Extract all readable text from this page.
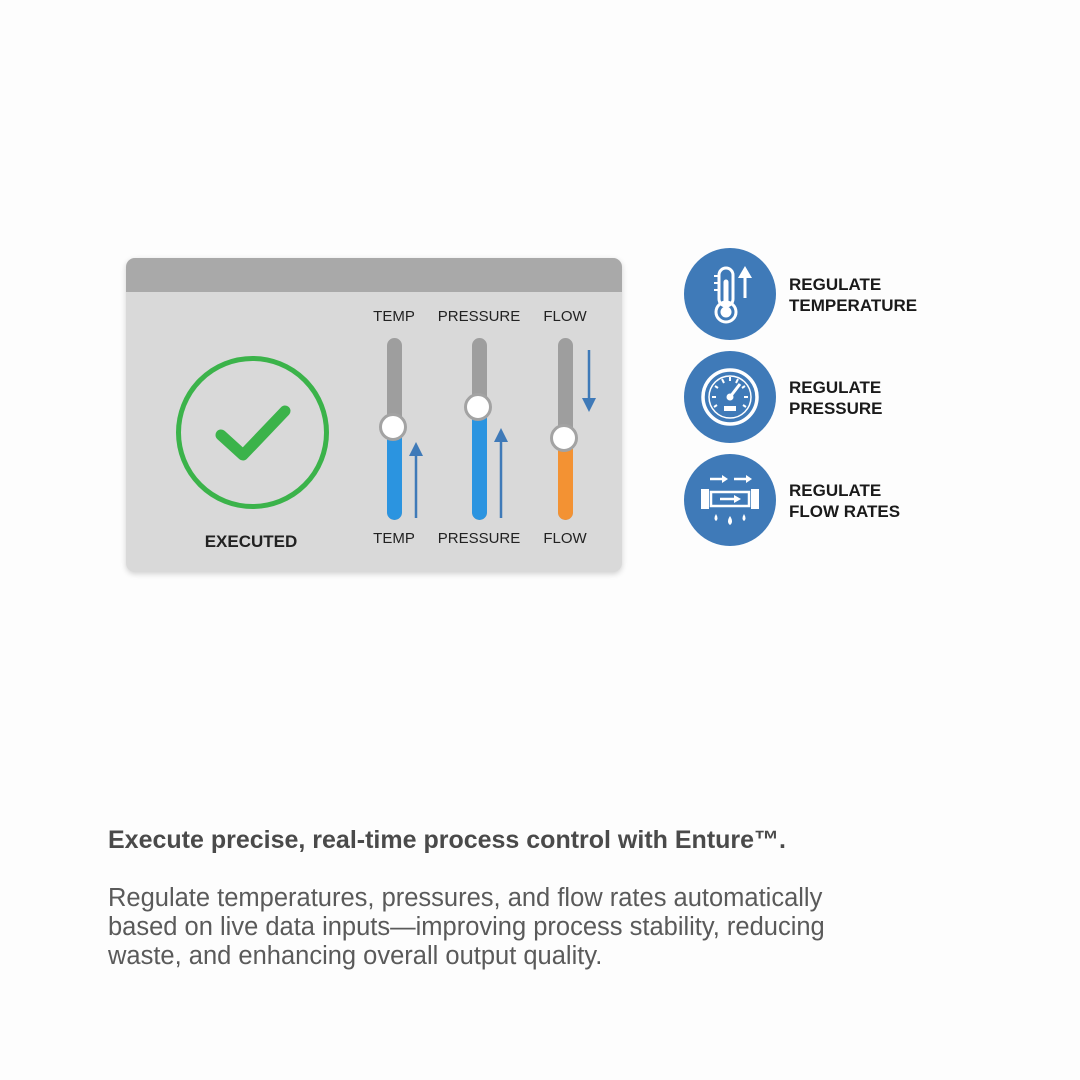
EXECUTED
TEMP
TEMP
PRESSURE
PRESSURE
FLOW
FLOW
REGULATE
TEMPERATURE
REGULATE
PRESSURE
REGULATE
FLOW RATES
Execute precise, real-time process control with Enture™.
Regulate temperatures, pressures, and flow rates automatically
based on live data inputs—improving process stability, reducing
waste, and enhancing overall output quality.
